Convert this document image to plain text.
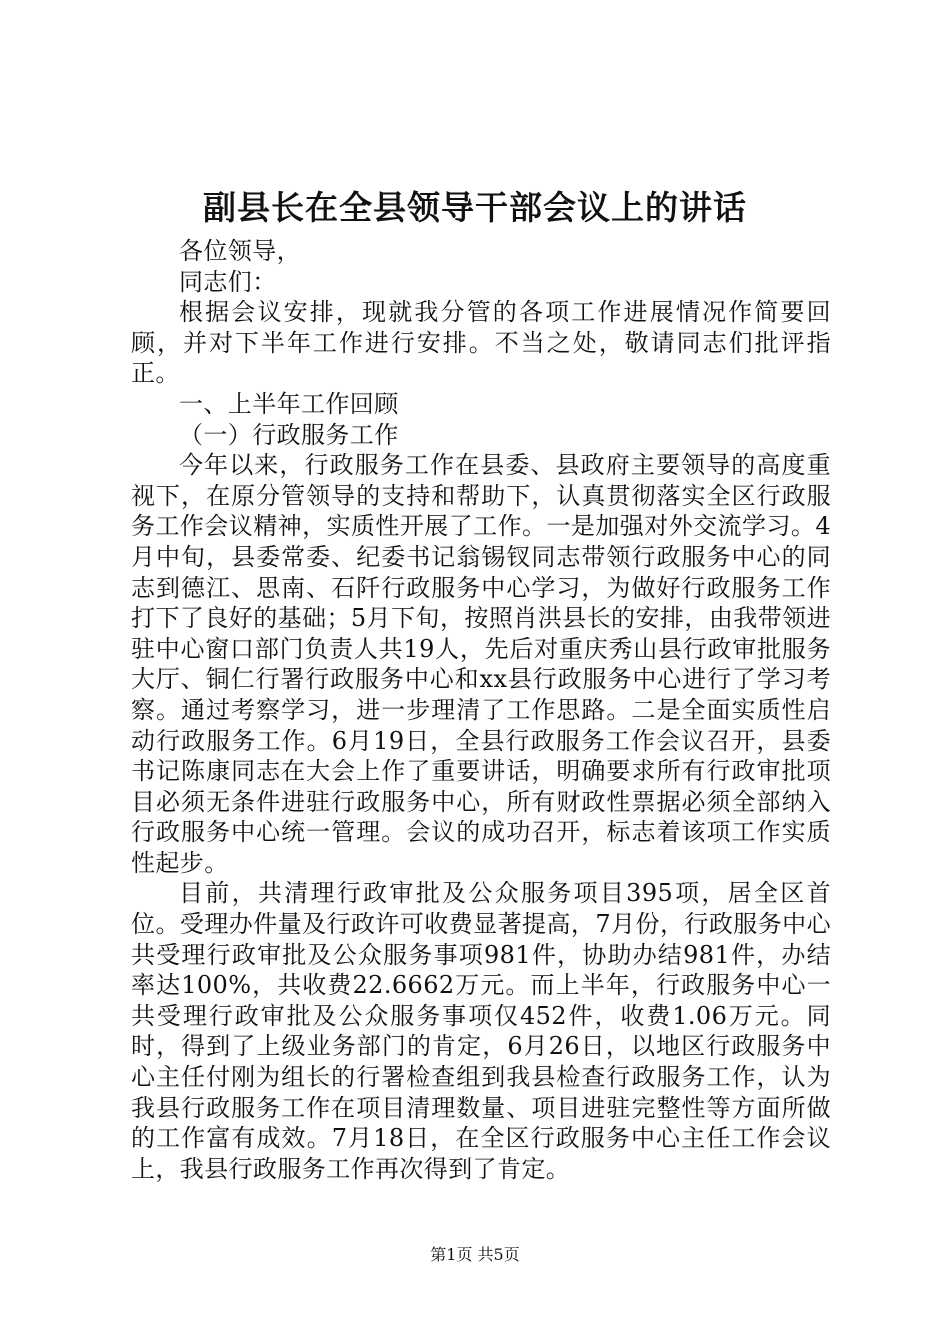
副县长在全县领导干部会议上的讲话

各位领导，

同志们：

根据会议安排，现就我分管的各项工作进展情况作简要回顾，并对下半年工作进行安排。不当之处，敬请同志们批评指正。

一、上半年工作回顾

（一）行政服务工作

今年以来，行政服务工作在县委、县政府主要领导的高度重视下，在原分管领导的支持和帮助下，认真贯彻落实全区行政服务工作会议精神，实质性开展了工作。一是加强对外交流学习。4月中旬，县委常委、纪委书记翁锡钗同志带领行政服务中心的同志到德江、思南、石阡行政服务中心学习，为做好行政服务工作打下了良好的基础；5月下旬，按照肖洪县长的安排，由我带领进驻中心窗口部门负责人共19人，先后对重庆秀山县行政审批服务大厅、铜仁行署行政服务中心和xx县行政服务中心进行了学习考察。通过考察学习，进一步理清了工作思路。二是全面实质性启动行政服务工作。6月19日，全县行政服务工作会议召开，县委书记陈康同志在大会上作了重要讲话，明确要求所有行政审批项目必须无条件进驻行政服务中心，所有财政性票据必须全部纳入行政服务中心统一管理。会议的成功召开，标志着该项工作实质性起步。

目前，共清理行政审批及公众服务项目395项，居全区首位。受理办件量及行政许可收费显著提高，7月份，行政服务中心共受理行政审批及公众服务事项981件，协助办结981件，办结率达100%，共收费22.6662万元。而上半年，行政服务中心一共受理行政审批及公众服务事项仅452件，收费1.06万元。同时，得到了上级业务部门的肯定，6月26日，以地区行政服务中心主任付刚为组长的行署检查组到我县检查行政服务工作，认为我县行政服务工作在项目清理数量、项目进驻完整性等方面所做的工作富有成效。7月18日，在全区行政服务中心主任工作会议上，我县行政服务工作再次得到了肯定。

第1页 共5页
